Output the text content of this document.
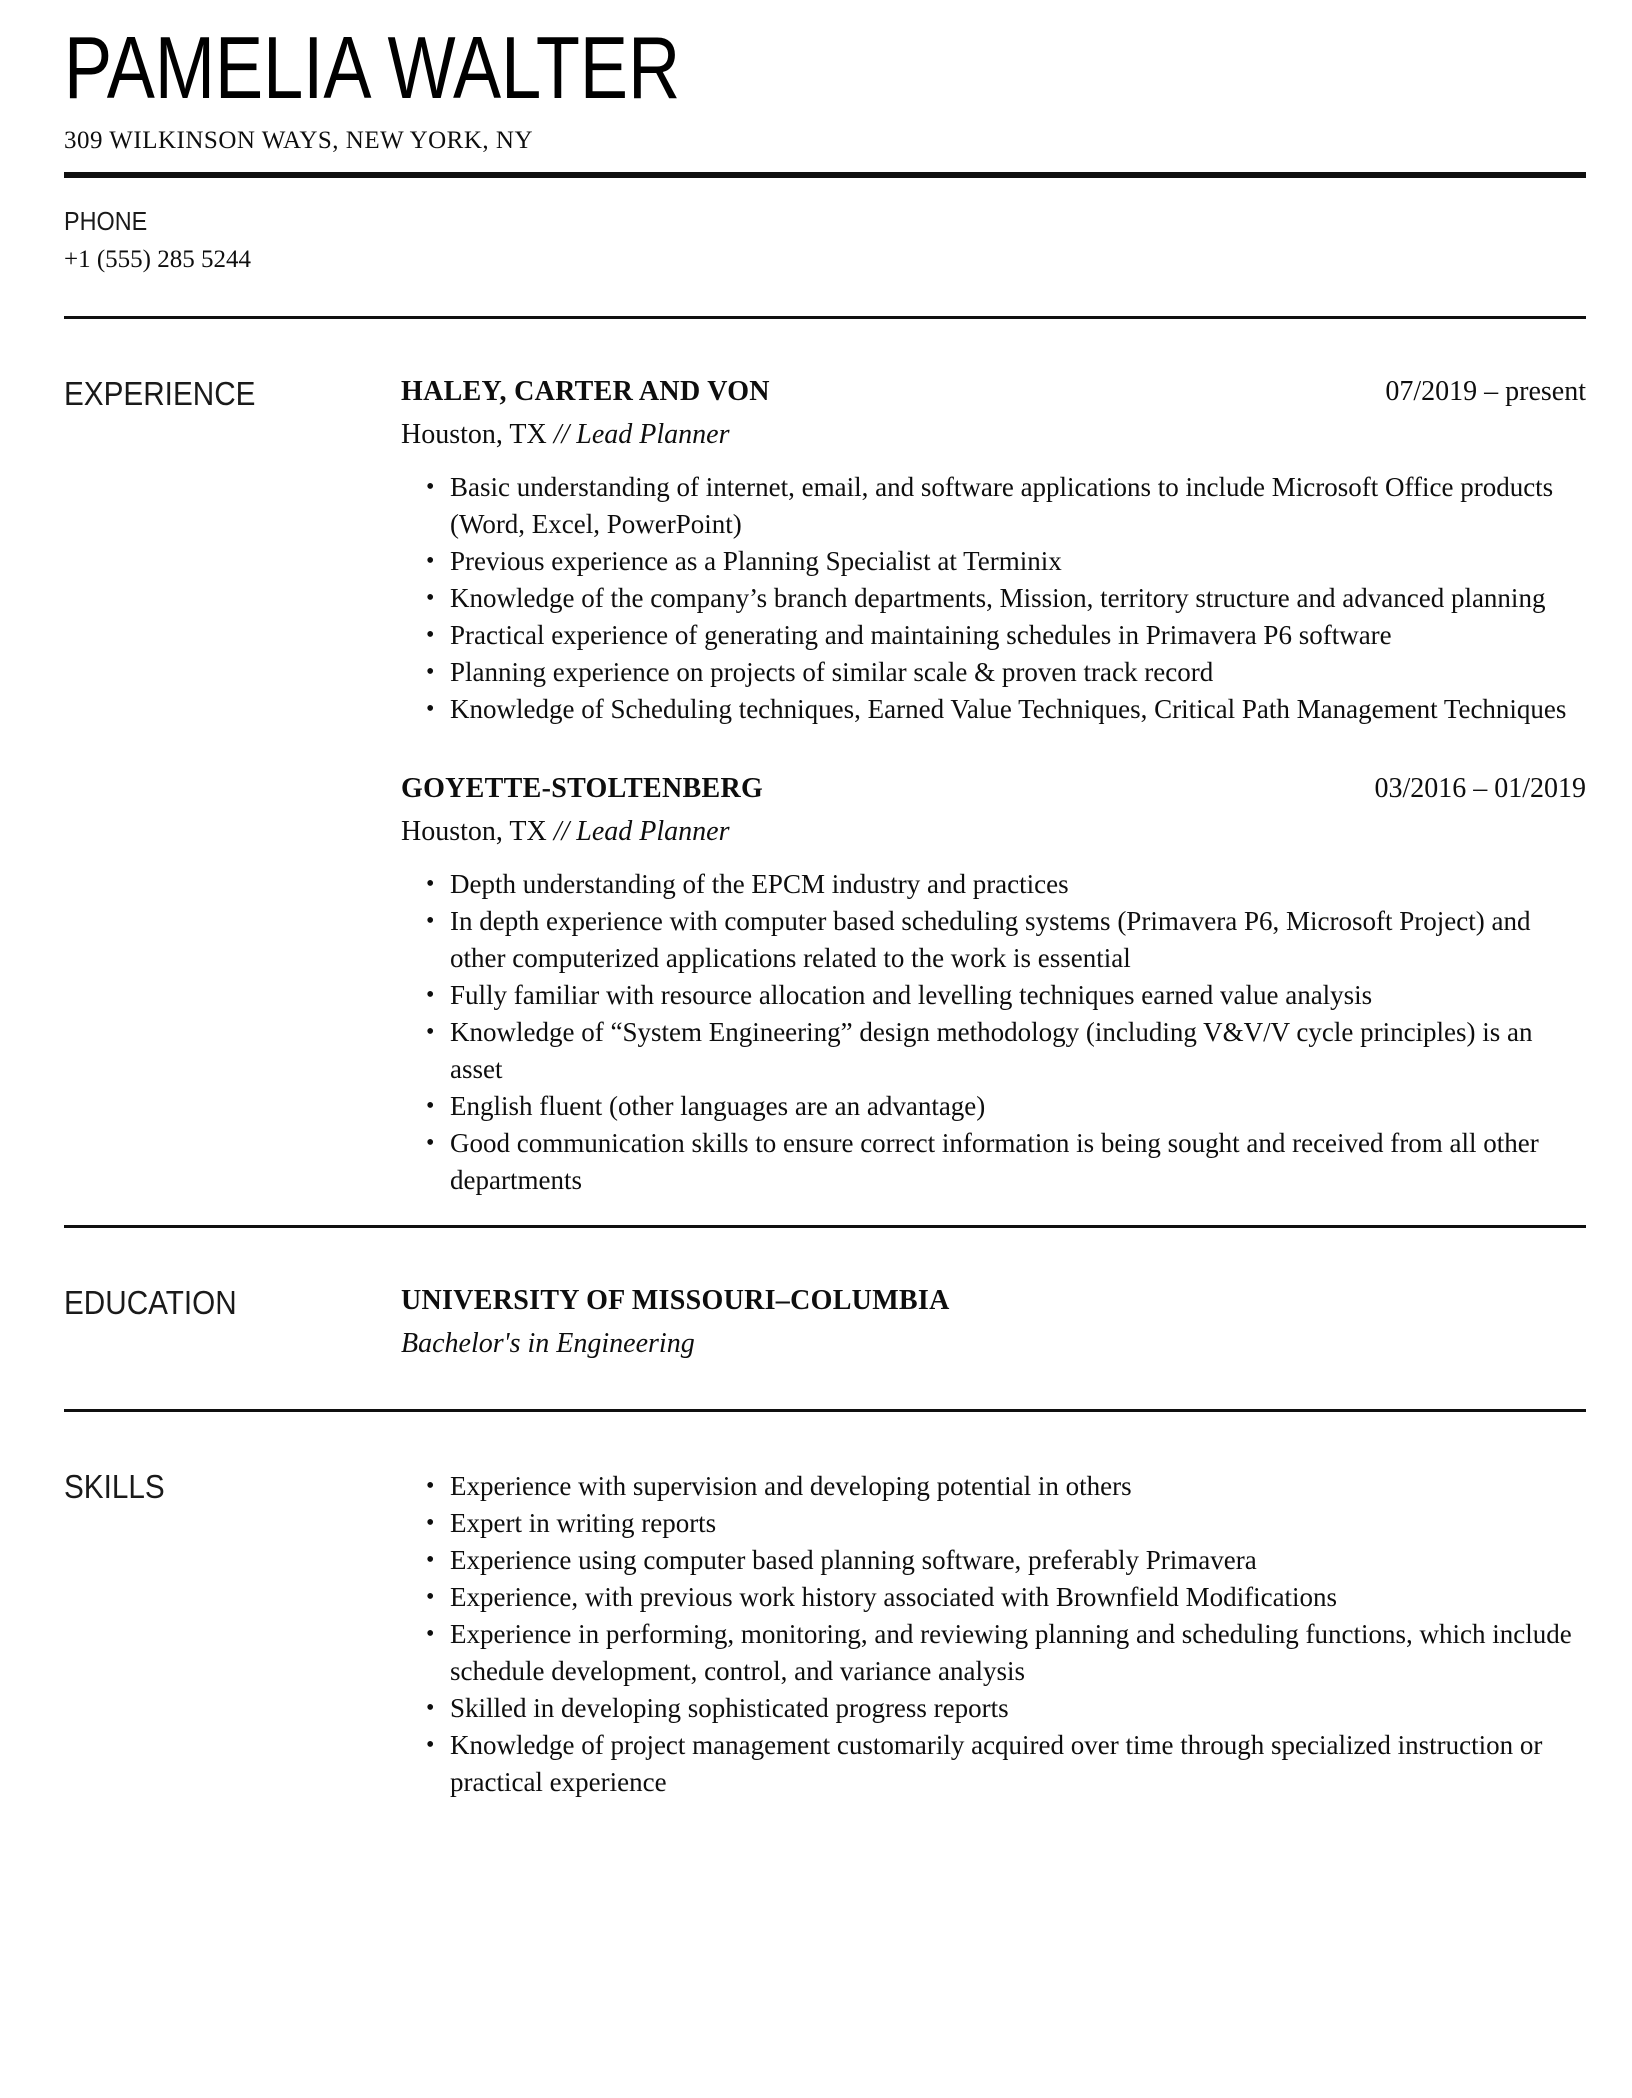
PAMELIA WALTER
309 WILKINSON WAYS, NEW YORK, NY
PHONE
+1 (555) 285 5244
EXPERIENCE	HALEY, CARTER AND VON	07/2019 – present
Houston, TX // Lead Planner
• Basic understanding of internet, email, and software applications to include Microsoft Office products (Word, Excel, PowerPoint)
• Previous experience as a Planning Specialist at Terminix
• Knowledge of the company’s branch departments, Mission, territory structure and advanced planning
• Practical experience of generating and maintaining schedules in Primavera P6 software
• Planning experience on projects of similar scale & proven track record
• Knowledge of Scheduling techniques, Earned Value Techniques, Critical Path Management Techniques
GOYETTE-STOLTENBERG	03/2016 – 01/2019
Houston, TX // Lead Planner
• Depth understanding of the EPCM industry and practices
• In depth experience with computer based scheduling systems (Primavera P6, Microsoft Project) and other computerized applications related to the work is essential
• Fully familiar with resource allocation and levelling techniques earned value analysis
• Knowledge of “System Engineering” design methodology (including V&V/V cycle principles) is an asset
• English fluent (other languages are an advantage)
• Good communication skills to ensure correct information is being sought and received from all other departments
EDUCATION	UNIVERSITY OF MISSOURI–COLUMBIA
Bachelor's in Engineering
SKILLS	• Experience with supervision and developing potential in others
• Expert in writing reports
• Experience using computer based planning software, preferably Primavera
• Experience, with previous work history associated with Brownfield Modifications
• Experience in performing, monitoring, and reviewing planning and scheduling functions, which include schedule development, control, and variance analysis
• Skilled in developing sophisticated progress reports
• Knowledge of project management customarily acquired over time through specialized instruction or practical experience
